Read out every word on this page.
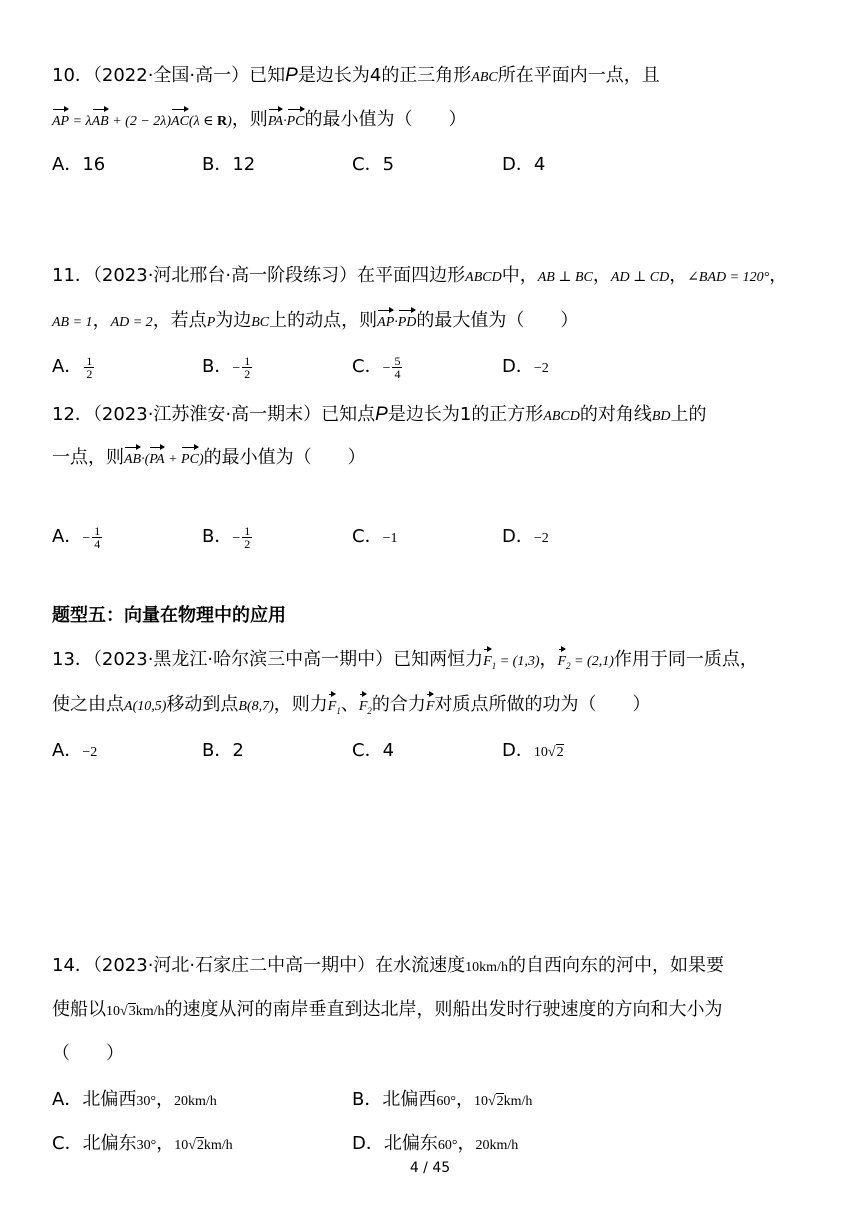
10．（2022·全国·高一）已知P是边长为4的正三角形ABC所在平面内一点，且
AP = λAB + (2 − 2λ)AC(λ ∈ R)，则PA·PC的最小值为（　　）
A．16	B．12	C．5	D．4
11．（2023·河北邢台·高一阶段练习）在平面四边形ABCD中，AB ⊥ BC，AD ⊥ CD，∠BAD = 120°，
AB = 1，AD = 2，若点P为边BC上的动点，则AP·PD的最大值为（　　）
A． $\frac{1}{2}$	B．− $\frac{1}{2}$	C．− $\frac{5}{4}$	D．−2
12．（2023·江苏淮安·高一期末）已知点P是边长为1的正方形ABCD的对角线BD上的
一点，则AB·(PA + PC)的最小值为（　　）
A．− $\frac{1}{4}$	B．− $\frac{1}{2}$	C．−1	D．−2
题型五：向量在物理中的应用
13．（2023·黑龙江·哈尔滨三中高一期中）已知两恒力$F_1 = (1,3)$，$F_2 = (2,1)$作用于同一质点，
使之由点A(10,5)移动到点B(8,7)，则力$F_1$、$F_2$的合力F对质点所做的功为（　　）
A．−2	B．2	C．4	D．10√2
14．（2023·河北·石家庄二中高一期中）在水流速度10km/h的自西向东的河中，如果要
使船以10√3km/h的速度从河的南岸垂直到达北岸，则船出发时行驶速度的方向和大小为
（　　）
A．北偏西30°，20km/h	B．北偏西60°，10√2km/h
C．北偏东30°，10√2km/h	D．北偏东60°，20km/h
4 / 45
